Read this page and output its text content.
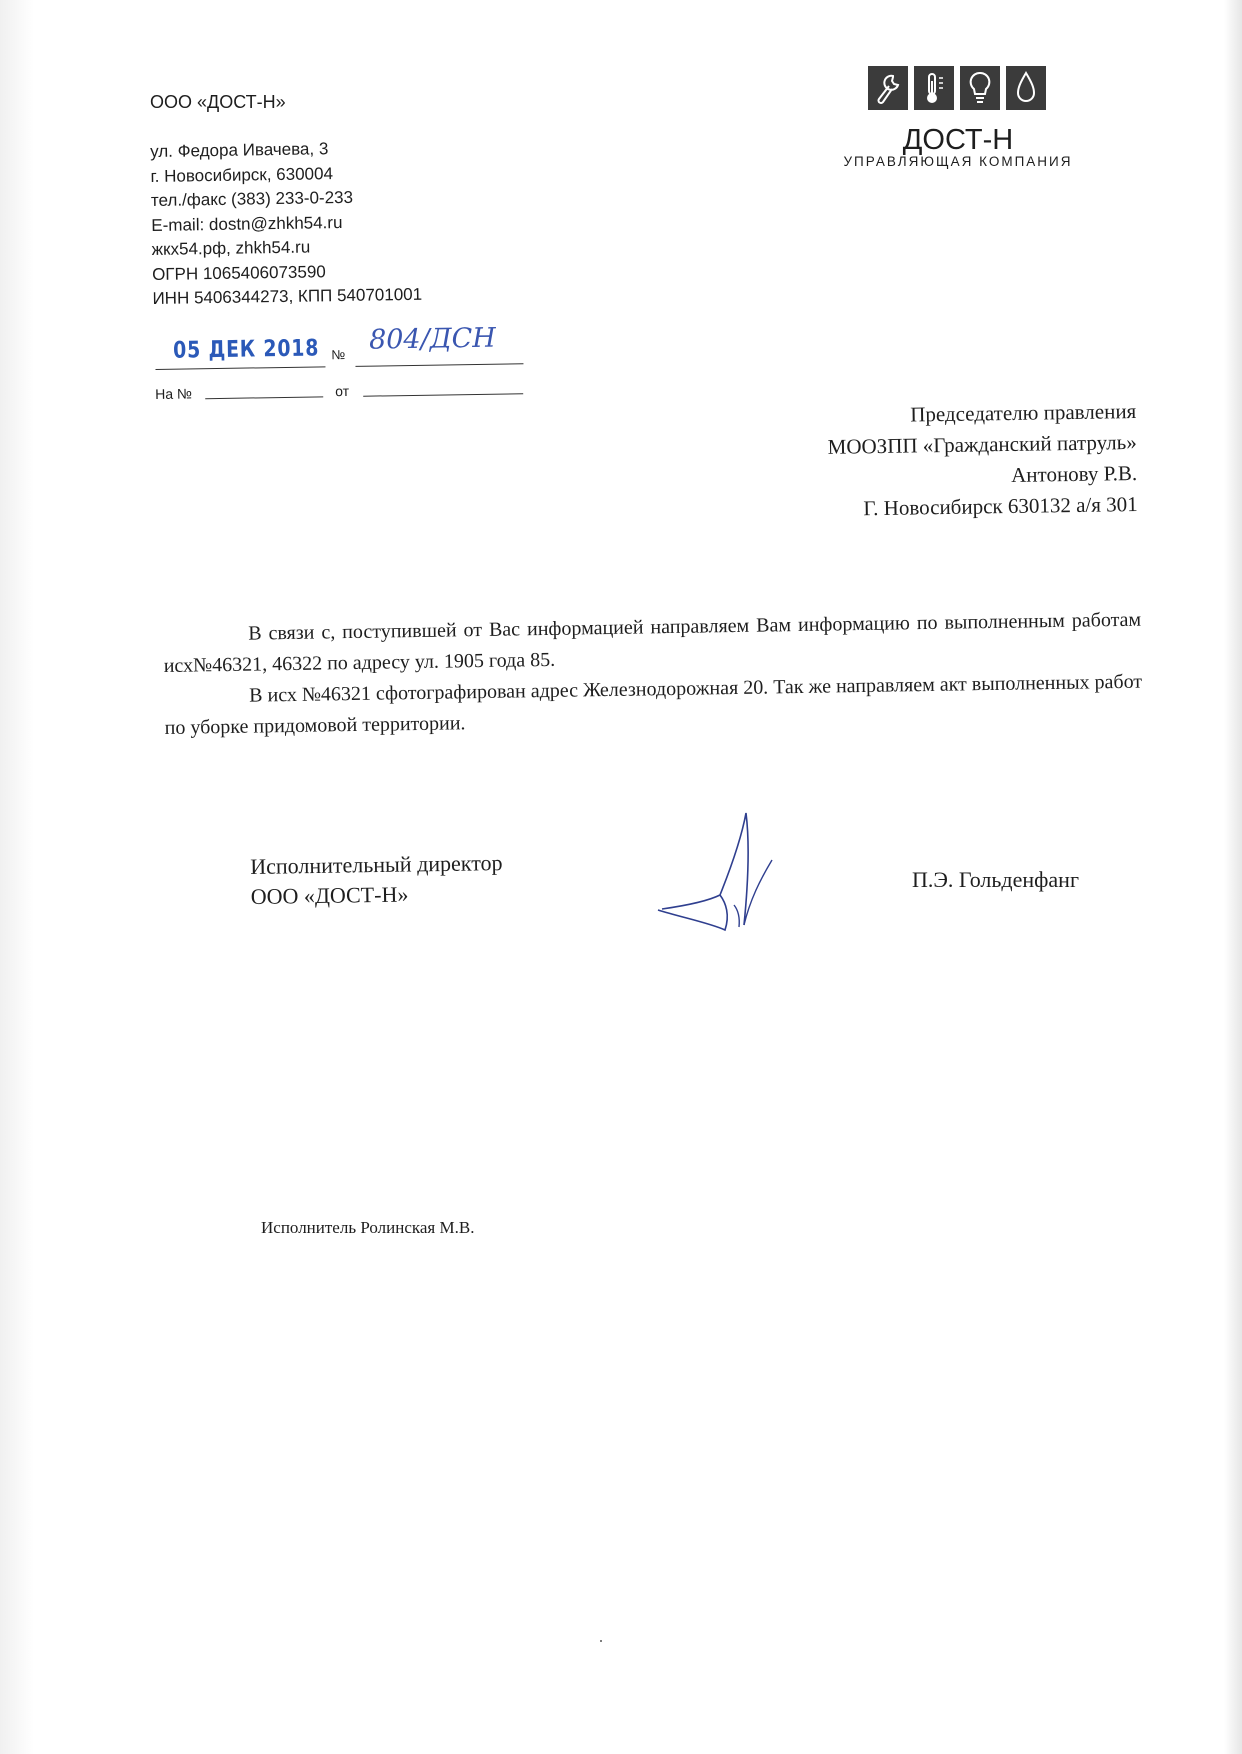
ООО «ДОСТ-Н»
ул. Федора Ивачева, 3
г. Новосибирск, 630004
тел./факс (383) 233-0-233
E-mail: dostn@zhkh54.ru
жкх54.рф, zhkh54.ru
ОГРН 1065406073590
ИНН 5406344273, КПП 540701001
05 ДЕК 2018 № 804/ДСН
На №	от
ДОСТ-Н
УПРАВЛЯЮЩАЯ КОМПАНИЯ
Председателю правления
МООЗПП «Гражданский патруль»
Антонову Р.В.
Г. Новосибирск 630132 а/я 301

В связи с, поступившей от Вас информацией направляем Вам информацию по выполненным работам исх№46321, 46322 по адресу ул. 1905 года 85.

В исх №46321 сфотографирован адрес Железнодорожная 20. Так же направляем акт выполненных работ по уборке придомовой территории.

Исполнительный директор
ООО «ДОСТ-Н»
П.Э. Гольденфанг
Исполнитель Ролинская М.В.
